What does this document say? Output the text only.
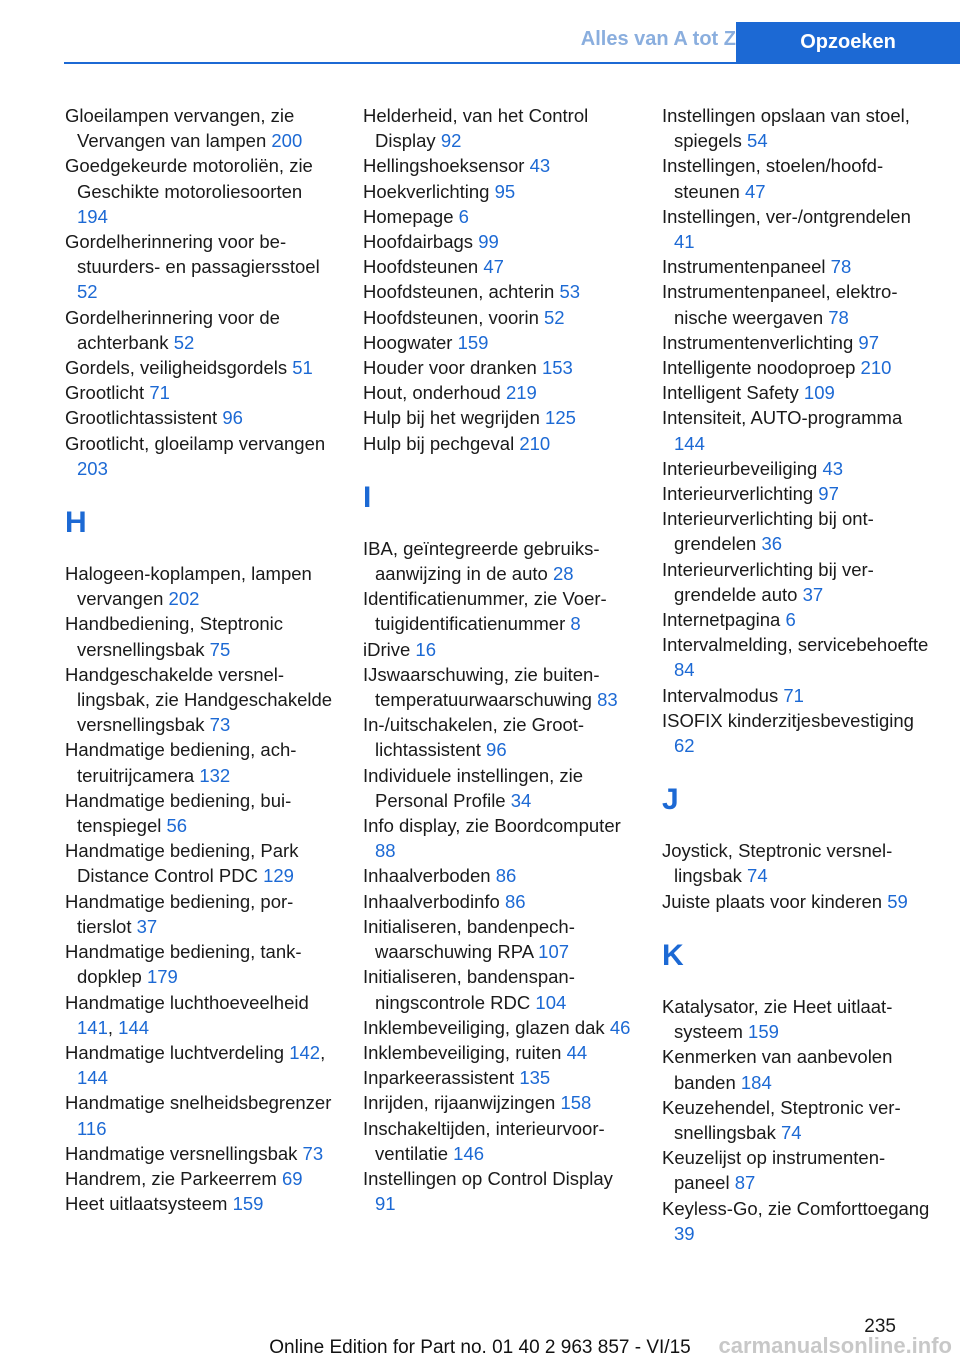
Alles van A tot Z	Opzoeken

Gloeilampen vervangen, zie Vervangen van lampen 200

Goedgekeurde motoroliën, zie Geschikte motoroliesoorten 194

Gordelherinnering voor bestuurders- en passagiersstoel 52

Gordelherinnering voor de achterbank 52

Gordels, veiligheidsgordels 51

Grootlicht 71

Grootlichtassistent 96

Grootlicht, gloeilamp vervangen 203

H

Halogeen-koplampen, lampen vervangen 202

Handbediening, Steptronic versnellingsbak 75

Handgeschakelde versnellingsbak, zie Handgeschakelde versnellingsbak 73

Handmatige bediening, achteruitrijcamera 132

Handmatige bediening, buitenspiegel 56

Handmatige bediening, Park Distance Control PDC 129

Handmatige bediening, portierslot 37

Handmatige bediening, tankdopklep 179

Handmatige luchthoeveelheid 141, 144

Handmatige luchtverdeling 142, 144

Handmatige snelheidsbegrenzer 116

Handmatige versnellingsbak 73

Handrem, zie Parkeerrem 69

Heet uitlaatsysteem 159

Helderheid, van het Control Display 92

Hellingshoeksensor 43

Hoekverlichting 95

Homepage 6

Hoofdairbags 99

Hoofdsteunen 47

Hoofdsteunen, achterin 53

Hoofdsteunen, voorin 52

Hoogwater 159

Houder voor dranken 153

Hout, onderhoud 219

Hulp bij het wegrijden 125

Hulp bij pechgeval 210

I

IBA, geïntegreerde gebruiksaanwijzing in de auto 28

Identificatienummer, zie Voertuigidentificatienummer 8

iDrive 16

IJswaarschuwing, zie buitentemperatuurwaarschuwing 83

In-/uitschakelen, zie Grootlichtassistent 96

Individuele instellingen, zie Personal Profile 34

Info display, zie Boordcomputer 88

Inhaalverboden 86

Inhaalverbodinfo 86

Initialiseren, bandenpechwaarschuwing RPA 107

Initialiseren, bandenspanningscontrole RDC 104

Inklembeveiliging, glazen dak 46

Inklembeveiliging, ruiten 44

Inparkeerassistent 135

Inrijden, rijaanwijzingen 158

Inschakeltijden, interieurvoorventilatie 146

Instellingen op Control Display 91

Instellingen opslaan van stoel, spiegels 54

Instellingen, stoelen/hoofdsteunen 47

Instellingen, ver-/ontgrendelen 41

Instrumentenpaneel 78

Instrumentenpaneel, elektronische weergaven 78

Instrumentenverlichting 97

Intelligente noodoproep 210

Intelligent Safety 109

Intensiteit, AUTO-programma 144

Interieurbeveiliging 43

Interieurverlichting 97

Interieurverlichting bij ontgrendelen 36

Interieurverlichting bij vergrendelde auto 37

Internetpagina 6

Intervalmelding, servicebehoefte 84

Intervalmodus 71

ISOFIX kinderzitjesbevestiging 62

J

Joystick, Steptronic versnellingsbak 74

Juiste plaats voor kinderen 59

K

Katalysator, zie Heet uitlaatsysteem 159

Kenmerken van aanbevolen banden 184

Keuzehendel, Steptronic versnellingsbak 74

Keuzelijst op instrumentenpaneel 87

Keyless-Go, zie Comforttoegang 39

235
Online Edition for Part no. 01 40 2 963 857 - VI/15	carmanualsonline.info
